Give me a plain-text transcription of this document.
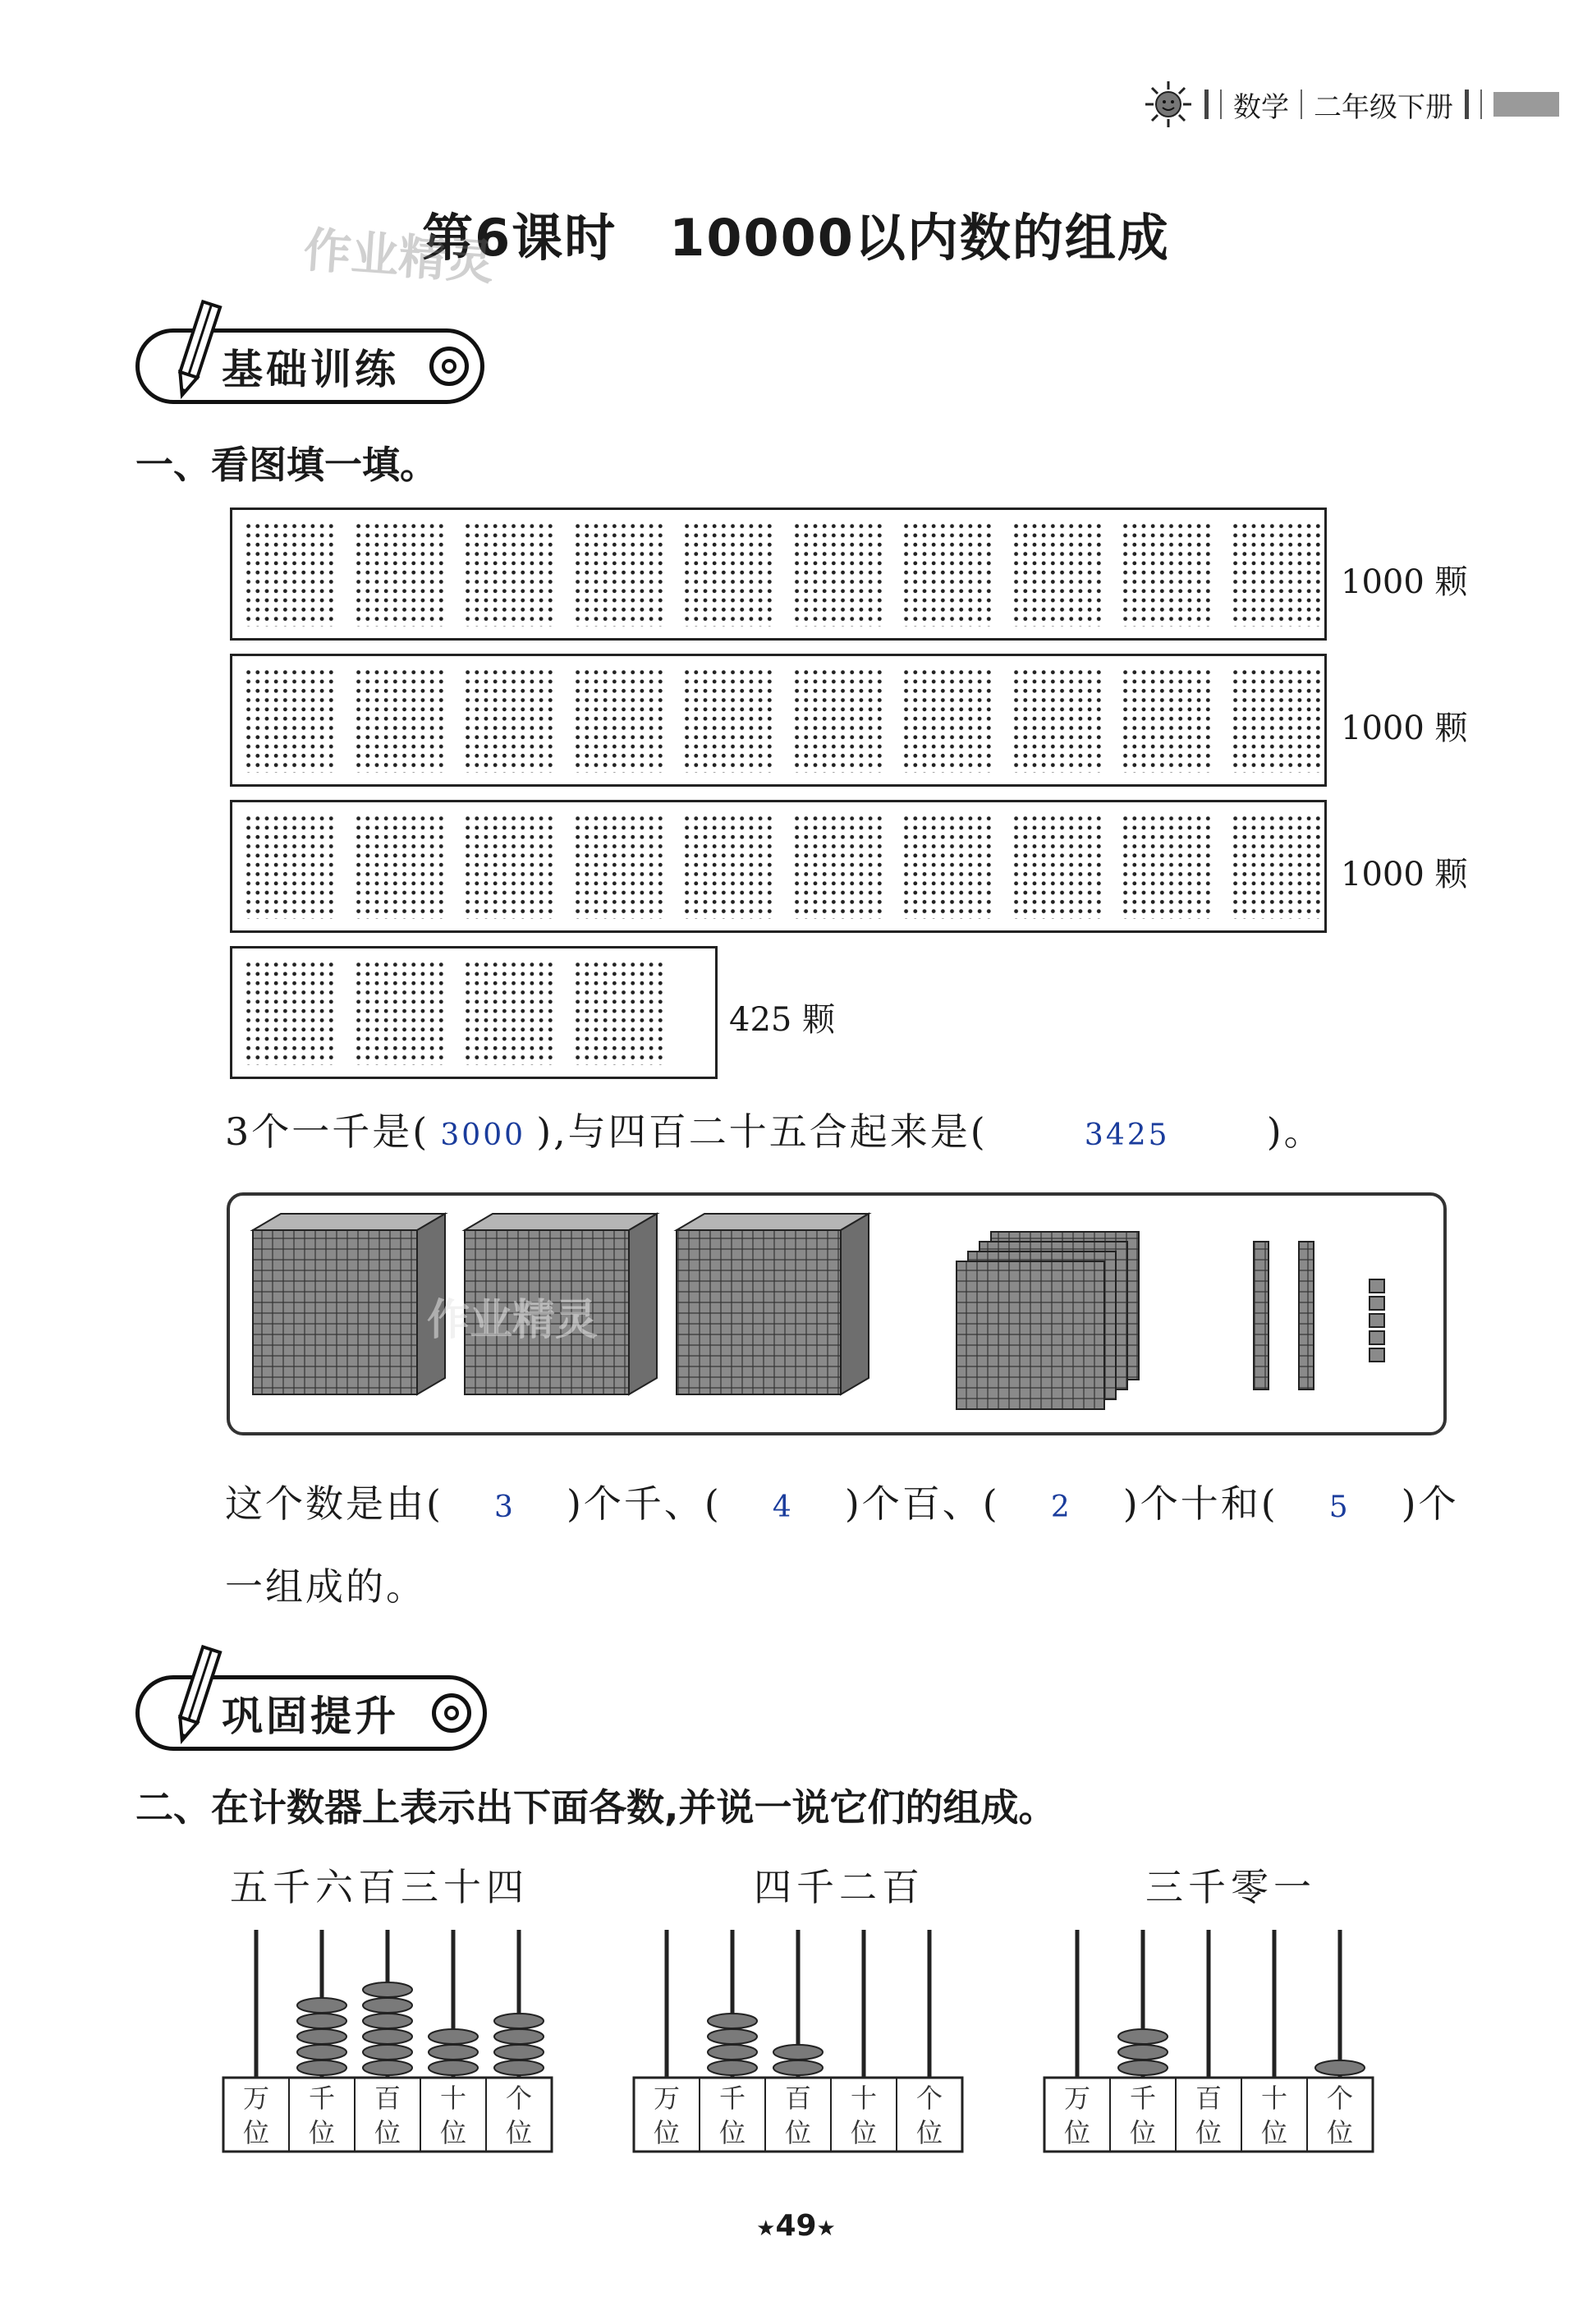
数学 二年级下册
第6课时　10000以内数的组成
作业精灵
基础训练
一、看图填一填。
1000 颗
1000 颗
1000 颗
425 颗
3个一千是( 3000 ),与四百二十五合起来是(	3425	)。
作业精灵
这个数是由( 3 )个千、( 4 )个百、( 2 )个十和( 5 )个
一组成的。
巩固提升
二、在计数器上表示出下面各数,并说一说它们的组成。
五千六百三十四	四千二百	三千零一
万
位
千
位
百
位
十
位
个
位
万
位
千
位
百
位
十
位
个
位
万
位
千
位
百
位
十
位
个
位
★49★
